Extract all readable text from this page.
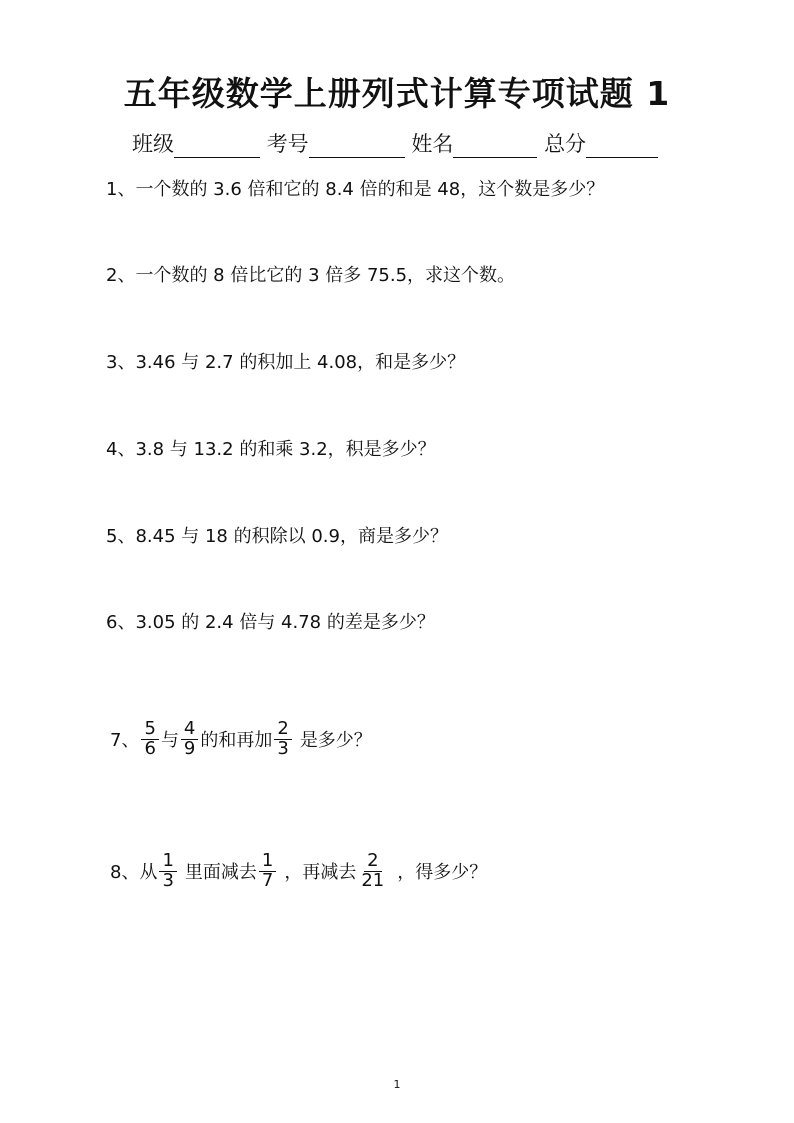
五年级数学上册列式计算专项试题 1
班级	考号	姓名	总分
1、一个数的 3.6 倍和它的 8.4 倍的和是 48，这个数是多少？
2、一个数的 8 倍比它的 3 倍多 75.5，求这个数。
3、3.46 与 2.7 的积加上 4.08，和是多少？
4、3.8 与 13.2 的和乘 3.2，积是多少？
5、8.45 与 18 的积除以 0.9，商是多少？
6、3.05 的 2.4 倍与 4.78 的差是多少？
7、 $\frac{5}{6}$ 与 $\frac{4}{9}$ 的和再加 $\frac{2}{3}$ 是多少？
8、从 $\frac{1}{3}$ 里面减去 $\frac{1}{7}$ ，再减去 $\frac{2}{21}$ ，得多少？
1
